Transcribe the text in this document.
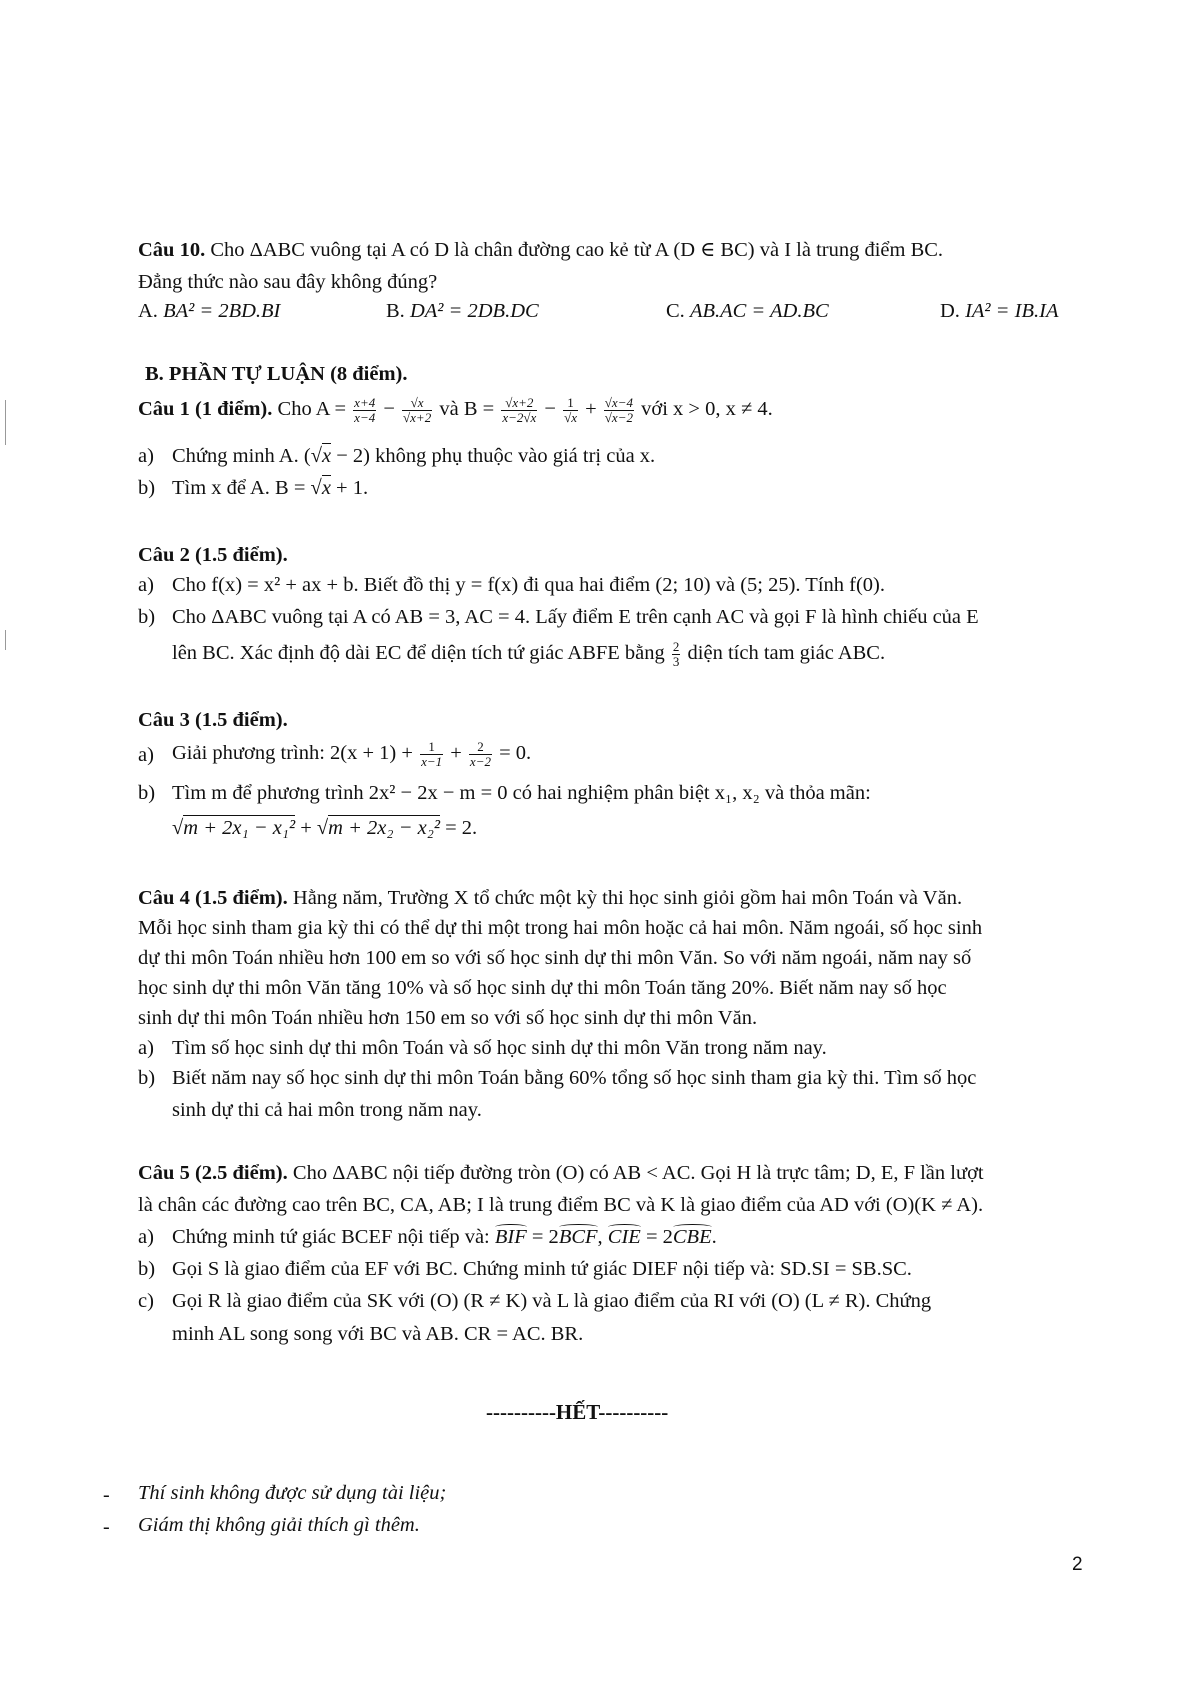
Câu 10. Cho ΔABC vuông tại A có D là chân đường cao kẻ từ A (D ∈ BC) và I là trung điểm BC.
Đẳng thức nào sau đây không đúng?
A. BA² = 2BD.BI	B. DA² = 2DB.DC	C. AB.AC = AD.BC	D. IA² = IB.IA
B. PHẦN TỰ LUẬN (8 điểm).
Câu 1 (1 điểm). Cho $A = \frac{x+4}{x-4} - \frac{√x}{√x+2}$ và $B = \frac{√x+2}{x-2√x} - \frac{1}{√x} + \frac{√x-4}{√x-2}$ với x > 0, x ≠ 4.
a) Chứng minh A. (√x − 2) không phụ thuộc vào giá trị của x.
b) Tìm x để A. B = √x + 1.
Câu 2 (1.5 điểm).
a) Cho f(x) = x² + ax + b. Biết đồ thị y = f(x) đi qua hai điểm (2; 10) và (5; 25). Tính f(0).
b) Cho ΔABC vuông tại A có AB = 3, AC = 4. Lấy điểm E trên cạnh AC và gọi F là hình chiếu của E
lên BC. Xác định độ dài EC để diện tích tứ giác ABFE bằng $\frac{2}{3}$ diện tích tam giác ABC.
Câu 3 (1.5 điểm).
a) Giải phương trình: $2(x + 1) + \frac{1}{x-1} + \frac{2}{x-2} = 0$.
b) Tìm m để phương trình 2x² − 2x − m = 0 có hai nghiệm phân biệt x₁, x₂ và thỏa mãn:
√m + 2x₁ − x₁² + √m + 2x₂ − x₂² = 2.
Câu 4 (1.5 điểm). Hằng năm, Trường X tổ chức một kỳ thi học sinh giỏi gồm hai môn Toán và Văn.
Mỗi học sinh tham gia kỳ thi có thể dự thi một trong hai môn hoặc cả hai môn. Năm ngoái, số học sinh
dự thi môn Toán nhiều hơn 100 em so với số học sinh dự thi môn Văn. So với năm ngoái, năm nay số
học sinh dự thi môn Văn tăng 10% và số học sinh dự thi môn Toán tăng 20%. Biết năm nay số học
sinh dự thi môn Toán nhiều hơn 150 em so với số học sinh dự thi môn Văn.
a) Tìm số học sinh dự thi môn Toán và số học sinh dự thi môn Văn trong năm nay.
b) Biết năm nay số học sinh dự thi môn Toán bằng 60% tổng số học sinh tham gia kỳ thi. Tìm số học
sinh dự thi cả hai môn trong năm nay.
Câu 5 (2.5 điểm). Cho ΔABC nội tiếp đường tròn (O) có AB < AC. Gọi H là trực tâm; D, E, F lần lượt
là chân các đường cao trên BC, CA, AB; I là trung điểm BC và K là giao điểm của AD với (O)(K ≠ A).
a) Chứng minh tứ giác BCEF nội tiếp và: BIF = 2BCF, CIE = 2CBE.
b) Gọi S là giao điểm của EF với BC. Chứng minh tứ giác DIEF nội tiếp và: SD.SI = SB.SC.
c) Gọi R là giao điểm của SK với (O) (R ≠ K) và L là giao điểm của RI với (O) (L ≠ R). Chứng
minh AL song song với BC và AB. CR = AC. BR.
----------HẾT----------
- Thí sinh không được sử dụng tài liệu;
- Giám thị không giải thích gì thêm.
2
